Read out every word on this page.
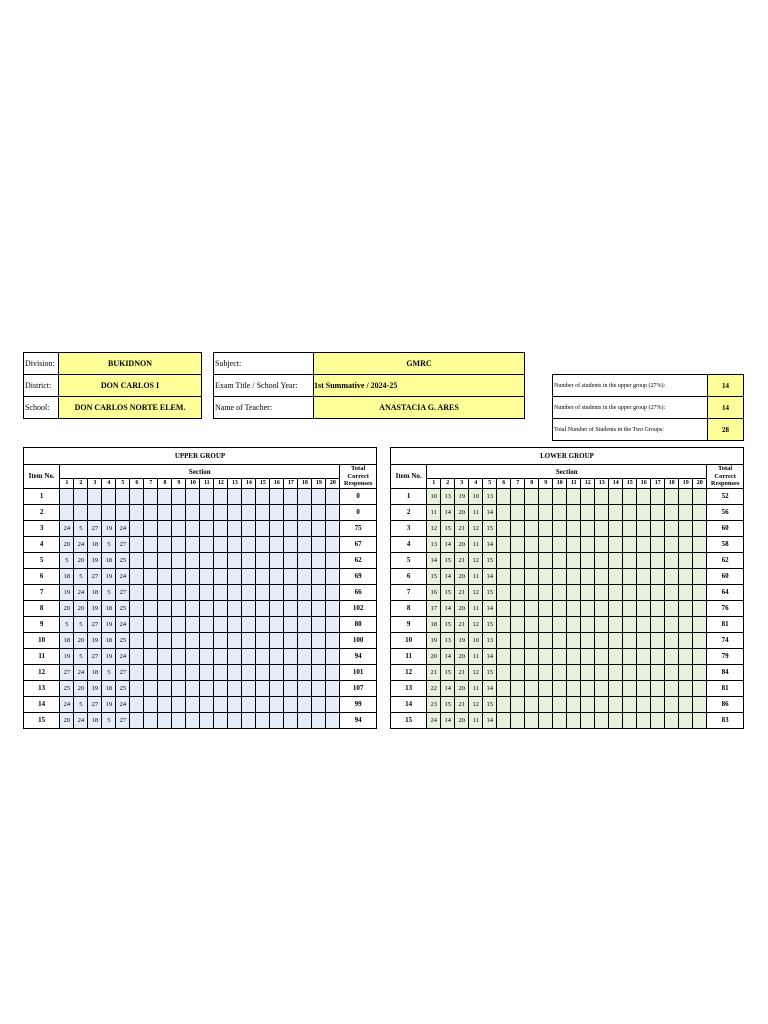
Division:	BUKIDNON
District:	DON CARLOS I
School:	DON CARLOS NORTE ELEM.
Subject:	GMRC
Exam Title / School Year:	1st Summative / 2024-25
Name of Teacher:	ANASTACIA G. ARES
Number of students in the upper group (27%):	14
Number of students in the upper group (27%):	14
Total Number of Students in the Two Groups:	28
UPPER GROUP																					
Item No.	Section																				Total Correct Responses
	1	2	3	4	5	6	7	8	9	10	11	12	13	14	15	16	17	18	19	20	
1																					0
2																					0
3	24	5	27	19	24																75
4	20	24	18	5	27																67
5	5	20	19	18	25																62
6	18	5	27	19	24																69
7	19	24	18	5	27																66
8	20	20	19	18	25																102
9	5	5	27	19	24																80
10	18	20	19	18	25																100
11	19	5	27	19	24																94
12	27	24	18	5	27																101
13	25	20	19	18	25																107
14	24	5	27	19	24																99
15	20	24	18	5	27																94
LOWER GROUP																					
Item No.	Section																				Total Correct Responses
	1	2	3	4	5	6	7	8	9	10	11	12	13	14	15	16	17	18	19	20	
1	10	13	19	10	13																52
2	11	14	20	11	14																56
3	12	15	21	12	15																60
4	13	14	20	11	14																58
5	14	15	21	12	15																62
6	15	14	20	11	14																60
7	16	15	21	12	15																64
8	17	14	20	11	14																76
9	18	15	21	12	15																81
10	19	13	19	10	13																74
11	20	14	20	11	14																79
12	21	15	21	12	15																84
13	22	14	20	11	14																81
14	23	15	21	12	15																86
15	24	14	20	11	14																83
